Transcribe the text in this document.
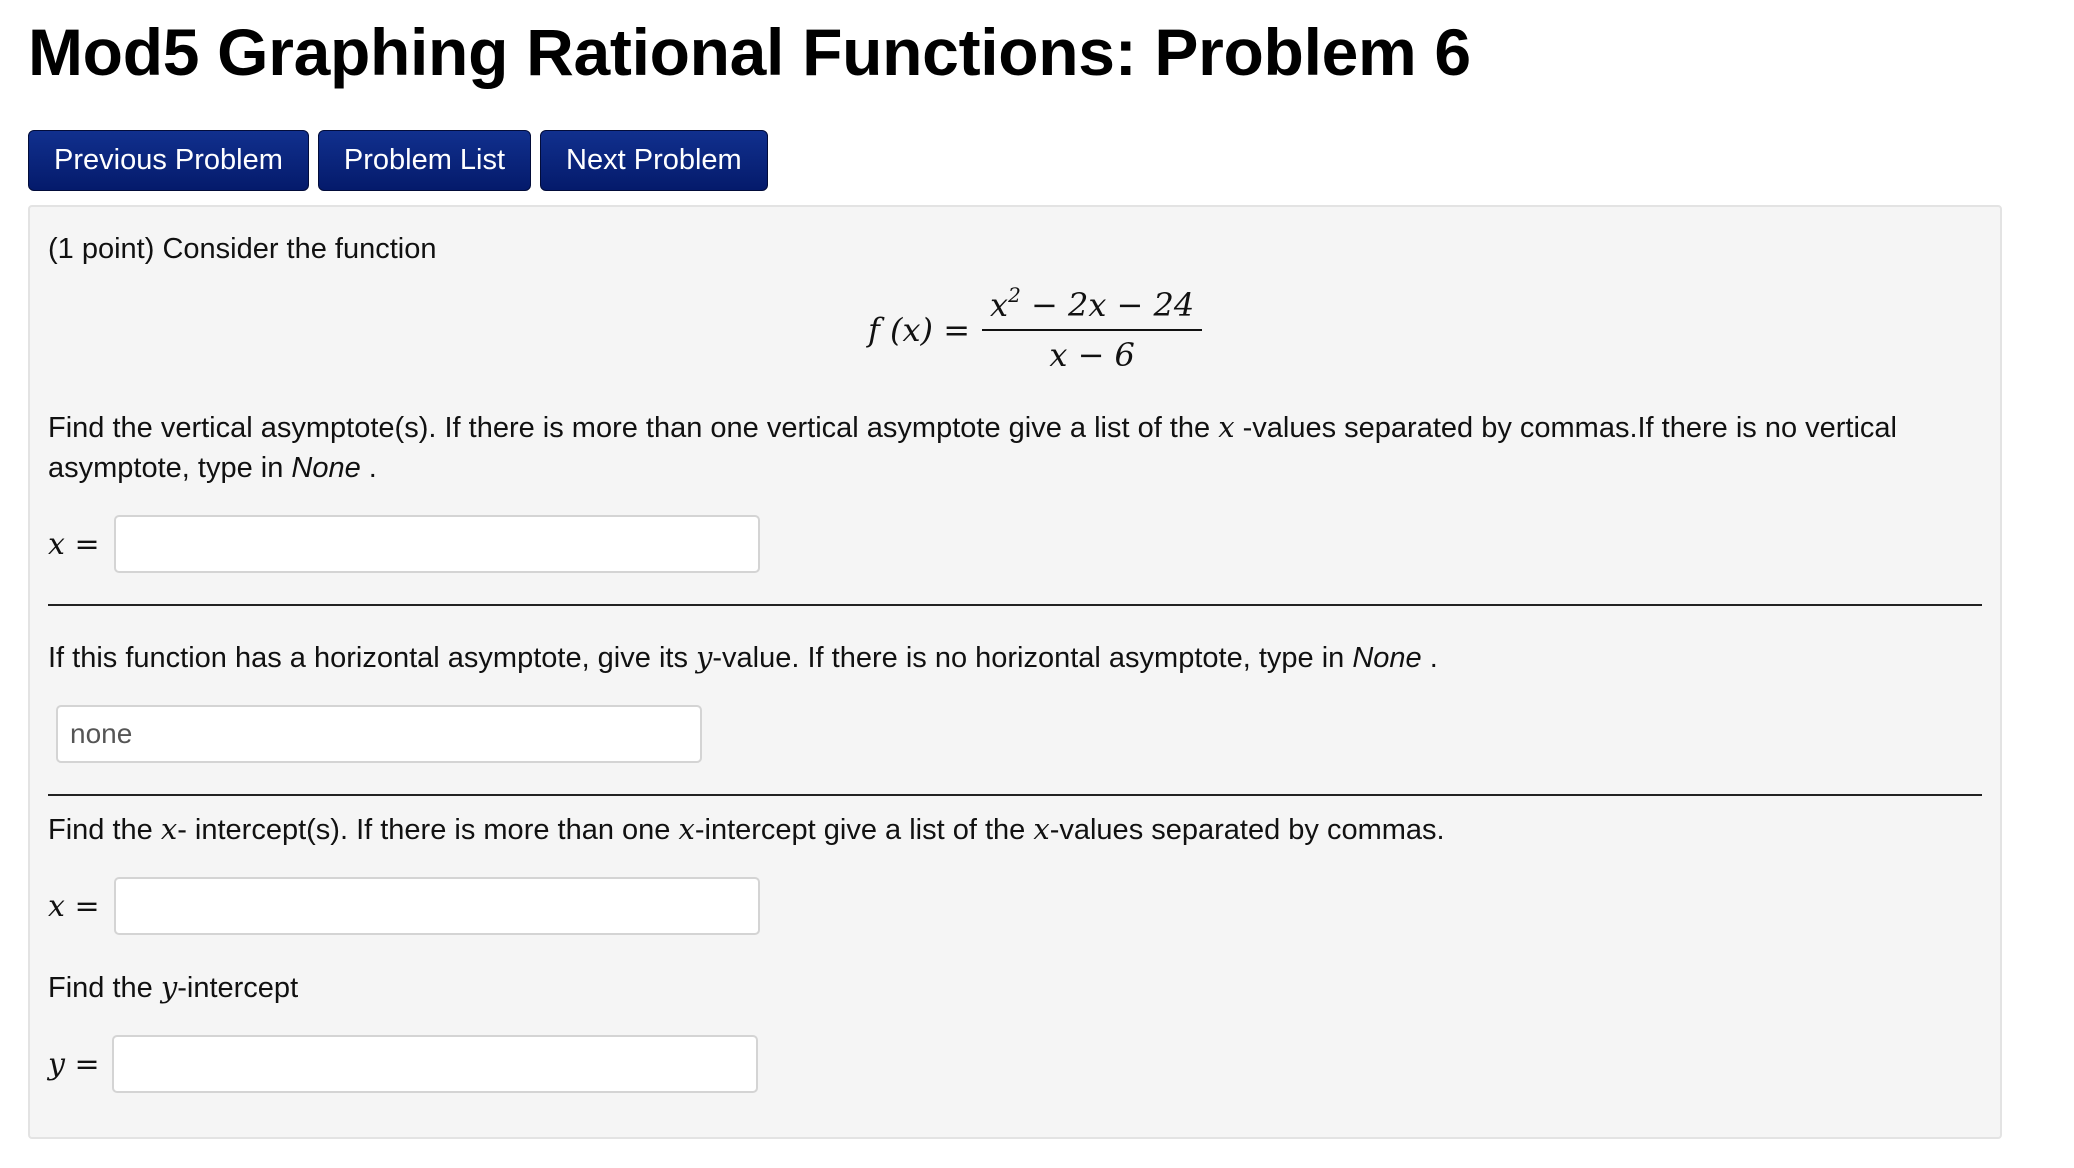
Mod5 Graphing Rational Functions: Problem 6
Previous Problem	Problem List	Next Problem
(1 point) Consider the function
f $(x) = \frac{x^2 - 2x - 24}{x - 6}$
Find the vertical asymptote(s). If there is more than one vertical asymptote give a list of the x -values separated by commas.If there is no vertical asymptote, type in None .
x =
If this function has a horizontal asymptote, give its y-value. If there is no horizontal asymptote, type in None .
none
Find the x- intercept(s). If there is more than one x-intercept give a list of the x-values separated by commas.
x =
Find the y-intercept
y =
